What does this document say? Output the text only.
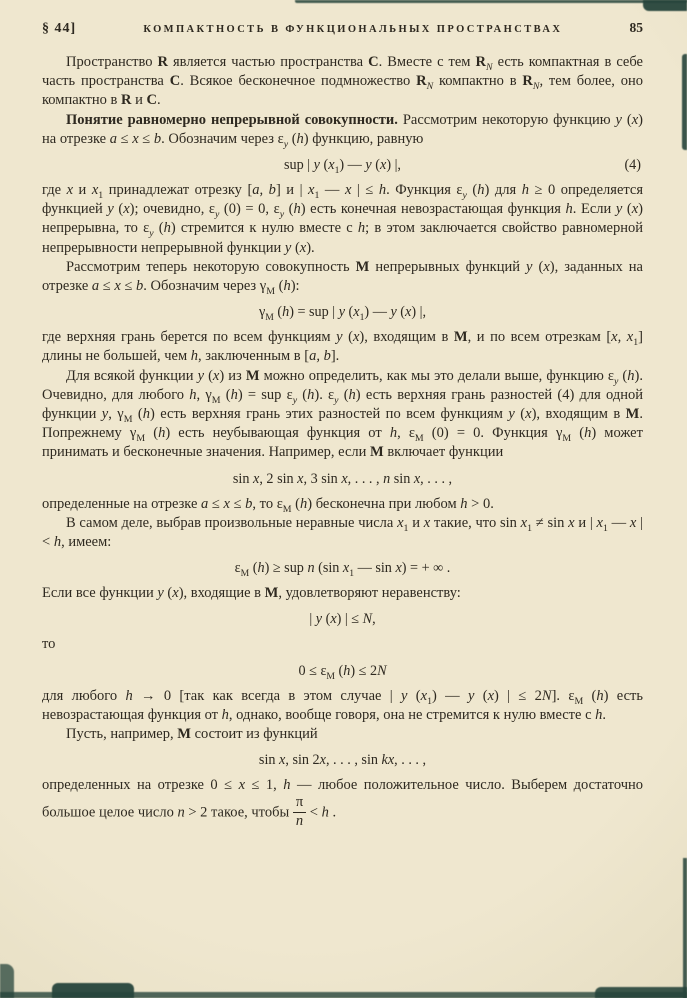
§ 44]	КОМПАКТНОСТЬ В ФУНКЦИОНАЛЬНЫХ ПРОСТРАНСТВАХ	85
Пространство R является частью пространства C. Вместе с тем $R_N$ есть компактная в себе часть пространства C. Всякое бесконечное подмножество $R_N$ компактно в $R_N$, тем более, оно компактно в R и C.
Понятие равномерно непрерывной совокупности. Рассмотрим некоторую функцию y (x) на отрезке a ≤ x ≤ b. Обозначим через $\varepsilon_y$ (h) функцию, равную
sup | y $(x_1)$ — y (x) |,	(4)
где x и $x_1$ принадлежат отрезку [a, b] и | $x_1$ — x | ≤ h. Функция $\varepsilon_y$ (h) для h ≥ 0 определяется функцией y (x); очевидно, $\varepsilon_y$ (0) = 0, $\varepsilon_y$ (h) есть конечная невозрастающая функция h. Если y (x) непрерывна, то $\varepsilon_y$ (h) стремится к нулю вместе с h; в этом заключается свойство равномерной непрерывности непрерывной функции y (x).
Рассмотрим теперь некоторую совокупность M непрерывных функций y (x), заданных на отрезке a ≤ x ≤ b. Обозначим через $\gamma_M$ (h):
$\gamma_M$ (h) = sup | y $(x_1)$ — y (x) |,
где верхняя грань берется по всем функциям y (x), входящим в M, и по всем отрезкам [x, $x_1$] длины не большей, чем h, заключенным в [a, b].
Для всякой функции y (x) из M можно определить, как мы это делали выше, функцию $\varepsilon_y$ (h). Очевидно, для любого h, $\gamma_M$ (h) = sup $\varepsilon_y$ (h). $\varepsilon_y$ (h) есть верхняя грань разностей (4) для одной функции y, $\gamma_M$ (h) есть верхняя грань этих разностей по всем функциям y (x), входящим в M. Попрежнему $\gamma_M$ (h) есть неубывающая функция от h, $\varepsilon_M$ (0) = 0. Функция $\gamma_M$ (h) может принимать и бесконечные значения. Например, если M включает функции
sin x, 2 sin x, 3 sin x, . . . , n sin x, . . . ,
определенные на отрезке a ≤ x ≤ b, то $\varepsilon_M$ (h) бесконечна при любом h > 0.
В самом деле, выбрав произвольные неравные числа $x_1$ и x такие, что $\sin x_1 \ne \sin x$ и | $x_1$ — x | < h, имеем:
$\varepsilon_M$ (h) ≥ sup n (sin $x_1$ — sin x) = + ∞ .
Если все функции y (x), входящие в M, удовлетворяют неравенству:
| y (x) | ≤ N,
то
$0 \le \varepsilon_M$ (h) ≤ 2N
для любого h → 0 [так как всегда в этом случае | y $(x_1)$ — y (x) | ≤ 2N]. $\varepsilon_M$ (h) есть невозрастающая функция от h, однако, вообще говоря, она не стремится к нулю вместе с h.
Пусть, например, M состоит из функций
sin x, sin 2x, . . . , sin kx, . . . ,
определенных на отрезке 0 ≤ x ≤ 1, h — любое положительное число. Выберем достаточно большое целое число n > 2 такое, чтобы $\frac{\pi}{n} < h$ .
